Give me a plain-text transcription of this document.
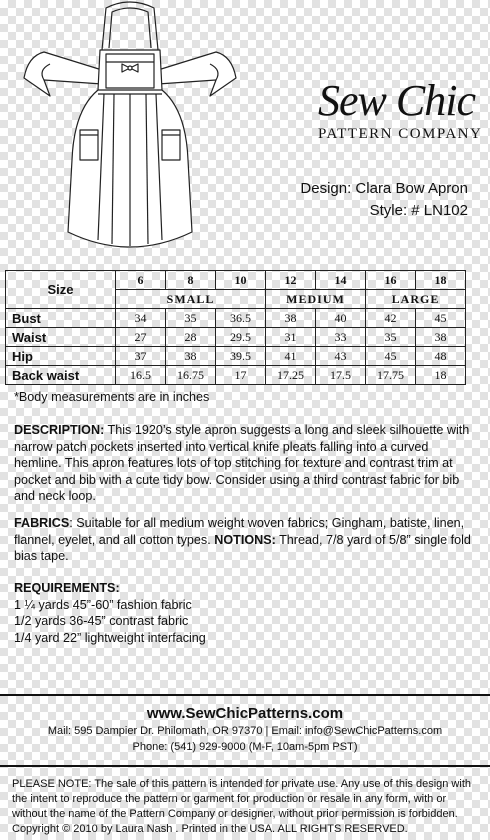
Sew Chic
PATTERN COMPANY
Design: Clara Bow Apron
Style: # LN102
Size	6	8	10	12	14	16	18
	SMALL			MEDIUM		LARGE	
Bust	34	35	36.5	38	40	42	45
Waist	27	28	29.5	31	33	35	38
Hip	37	38	39.5	41	43	45	48
Back waist	16.5	16.75	17	17.25	17.5	17.75	18
*Body measurements are in inches
DESCRIPTION: This 1920’s style apron suggests a long and sleek silhouette with narrow patch pockets inserted into vertical knife pleats falling into a curved hemline. This apron features lots of top stitching for texture and contrast trim at pocket and bib with a cute tidy bow. Consider using a third contrast fabric for bib and neck loop.
FABRICS: Suitable for all medium weight woven fabrics; Gingham, batiste, linen, flannel, eyelet, and all cotton types. NOTIONS: Thread, 7/8 yard of 5/8” single fold bias tape.
REQUIREMENTS:
1 ¼ yards 45”-60” fashion fabric
1/2 yards 36-45” contrast fabric
1/4 yard 22” lightweight interfacing
www.SewChicPatterns.com
Mail: 595 Dampier Dr. Philomath, OR 97370 | Email: info@SewChicPatterns.com
Phone: (541) 929-9000 (M-F, 10am-5pm PST)
PLEASE NOTE: The sale of this pattern is intended for private use. Any use of this design with the intent to reproduce the pattern or garment for production or resale in any form, with or without the name of the Pattern Company or designer, without prior permission is forbidden. Copyright © 2010 by Laura Nash . Printed in the USA. ALL RIGHTS RESERVED.
